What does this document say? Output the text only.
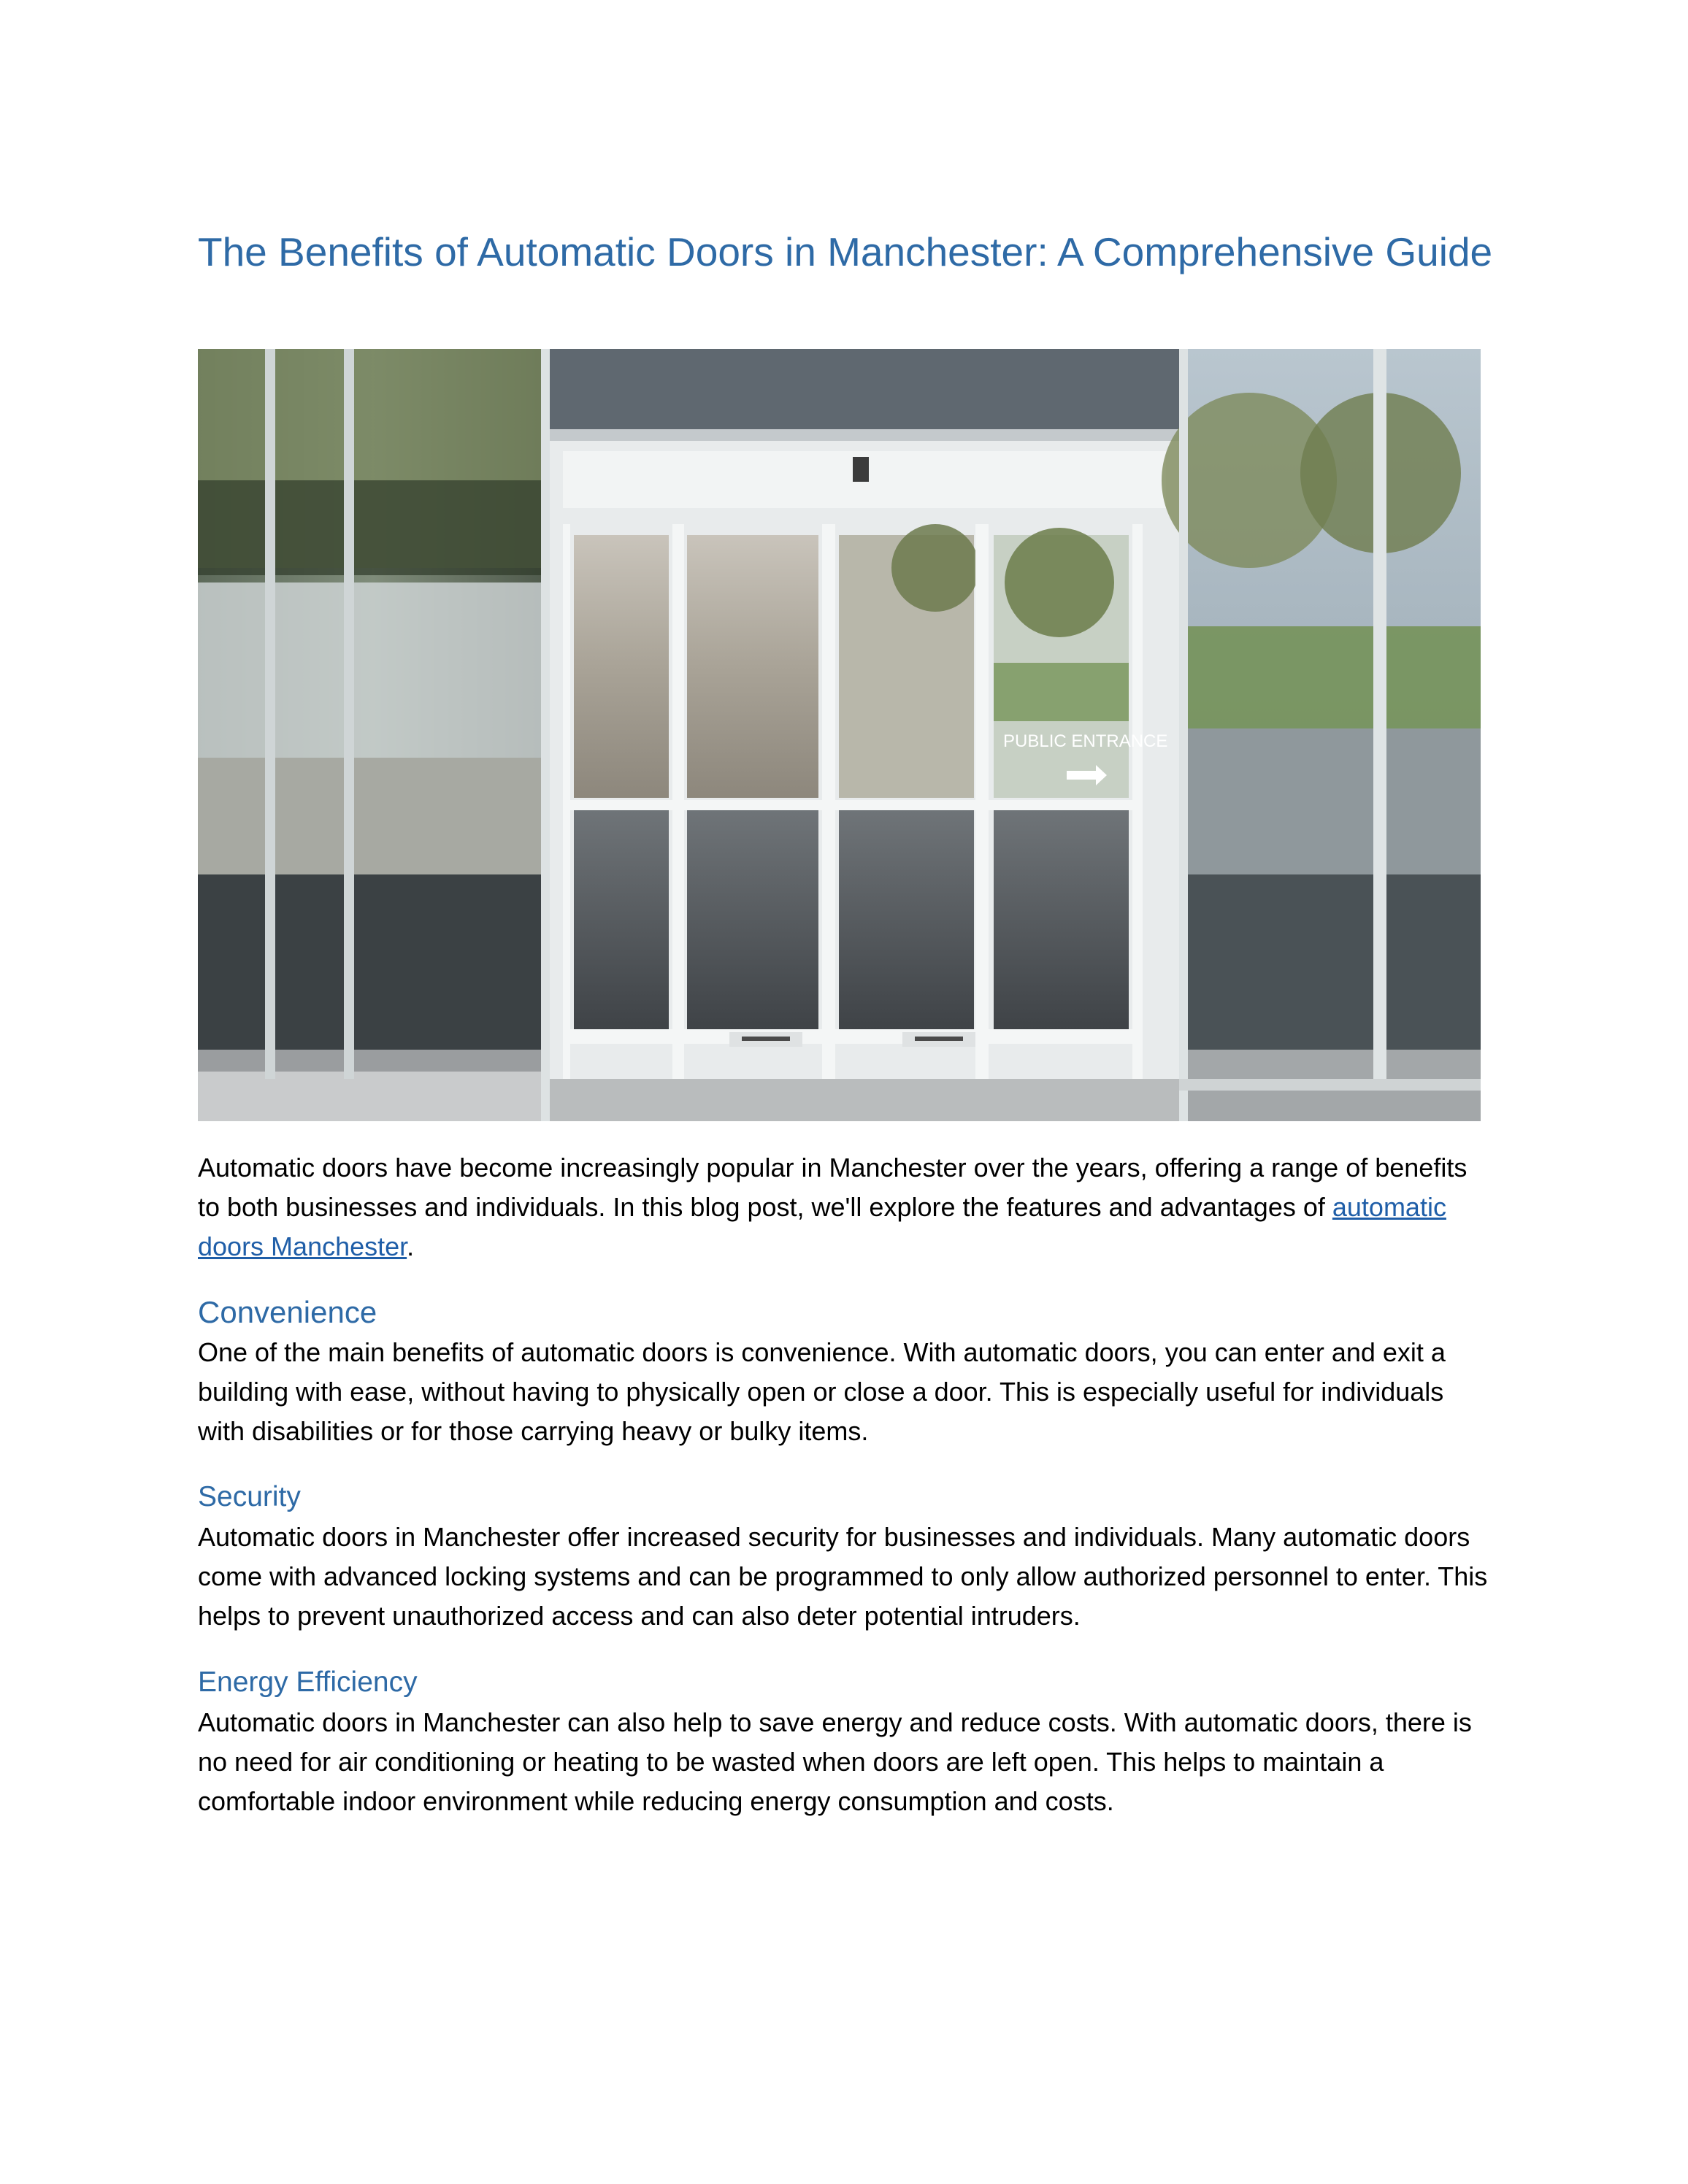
The Benefits of Automatic Doors in Manchester: A Comprehensive Guide
PUBLIC ENTRANCE

Automatic doors have become increasingly popular in Manchester over the years, offering a range of benefits to both businesses and individuals. In this blog post, we'll explore the features and advantages of automatic doors Manchester.

Convenience

One of the main benefits of automatic doors is convenience. With automatic doors, you can enter and exit a building with ease, without having to physically open or close a door. This is especially useful for individuals with disabilities or for those carrying heavy or bulky items.

Security

Automatic doors in Manchester offer increased security for businesses and individuals. Many automatic doors come with advanced locking systems and can be programmed to only allow authorized personnel to enter. This helps to prevent unauthorized access and can also deter potential intruders.

Energy Efficiency

Automatic doors in Manchester can also help to save energy and reduce costs. With automatic doors, there is no need for air conditioning or heating to be wasted when doors are left open. This helps to maintain a comfortable indoor environment while reducing energy consumption and costs.
